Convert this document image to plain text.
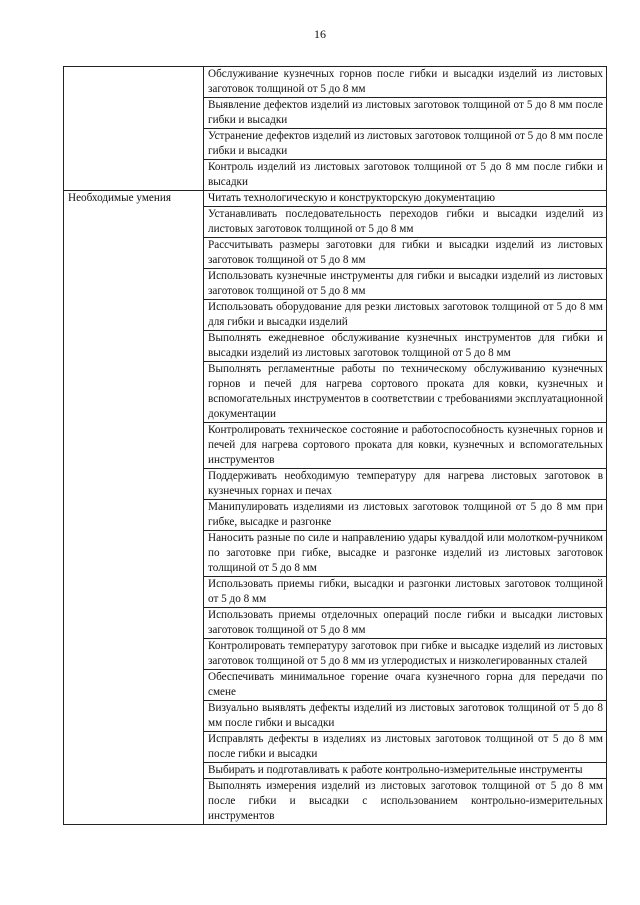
16
	Обслуживание кузнечных горнов после гибки и высадки изделий из листовых заготовок толщиной от 5 до 8 мм
	Выявление дефектов изделий из листовых заготовок толщиной от 5 до 8 мм после гибки и высадки
	Устранение дефектов изделий из листовых заготовок толщиной от 5 до 8 мм после гибки и высадки
	Контроль изделий из листовых заготовок толщиной от 5 до 8 мм после гибки и высадки

Необходимые умения	Читать технологическую и конструкторскую документацию
	Устанавливать последовательность переходов гибки и высадки изделий из листовых заготовок толщиной от 5 до 8 мм
	Рассчитывать размеры заготовки для гибки и высадки изделий из листовых заготовок толщиной от 5 до 8 мм
	Использовать кузнечные инструменты для гибки и высадки изделий из листовых заготовок толщиной от 5 до 8 мм
	Использовать оборудование для резки листовых заготовок толщиной от 5 до 8 мм для гибки и высадки изделий
	Выполнять ежедневное обслуживание кузнечных инструментов для гибки и высадки изделий из листовых заготовок толщиной от 5 до 8 мм
	Выполнять регламентные работы по техническому обслуживанию кузнечных горнов и печей для нагрева сортового проката для ковки, кузнечных и вспомогательных инструментов в соответствии с требованиями эксплуатационной документации
	Контролировать техническое состояние и работоспособность кузнечных горнов и печей для нагрева сортового проката для ковки, кузнечных и вспомогательных инструментов
	Поддерживать необходимую температуру для нагрева листовых заготовок в кузнечных горнах и печах
	Манипулировать изделиями из листовых заготовок толщиной от 5 до 8 мм при гибке, высадке и разгонке
	Наносить разные по силе и направлению удары кувалдой или молотком-ручником по заготовке при гибке, высадке и разгонке изделий из листовых заготовок толщиной от 5 до 8 мм
	Использовать приемы гибки, высадки и разгонки листовых заготовок толщиной от 5 до 8 мм
	Использовать приемы отделочных операций после гибки и высадки листовых заготовок толщиной от 5 до 8 мм
	Контролировать температуру заготовок при гибке и высадке изделий из листовых заготовок толщиной от 5 до 8 мм из углеродистых и низколегированных сталей
	Обеспечивать минимальное горение очага кузнечного горна для передачи по смене
	Визуально выявлять дефекты изделий из листовых заготовок толщиной от 5 до 8 мм после гибки и высадки
	Исправлять дефекты в изделиях из листовых заготовок толщиной от 5 до 8 мм после гибки и высадки
	Выбирать и подготавливать к работе контрольно-измерительные инструменты
	Выполнять измерения изделий из листовых заготовок толщиной от 5 до 8 мм после гибки и высадки с использованием контрольно-измерительных инструментов
